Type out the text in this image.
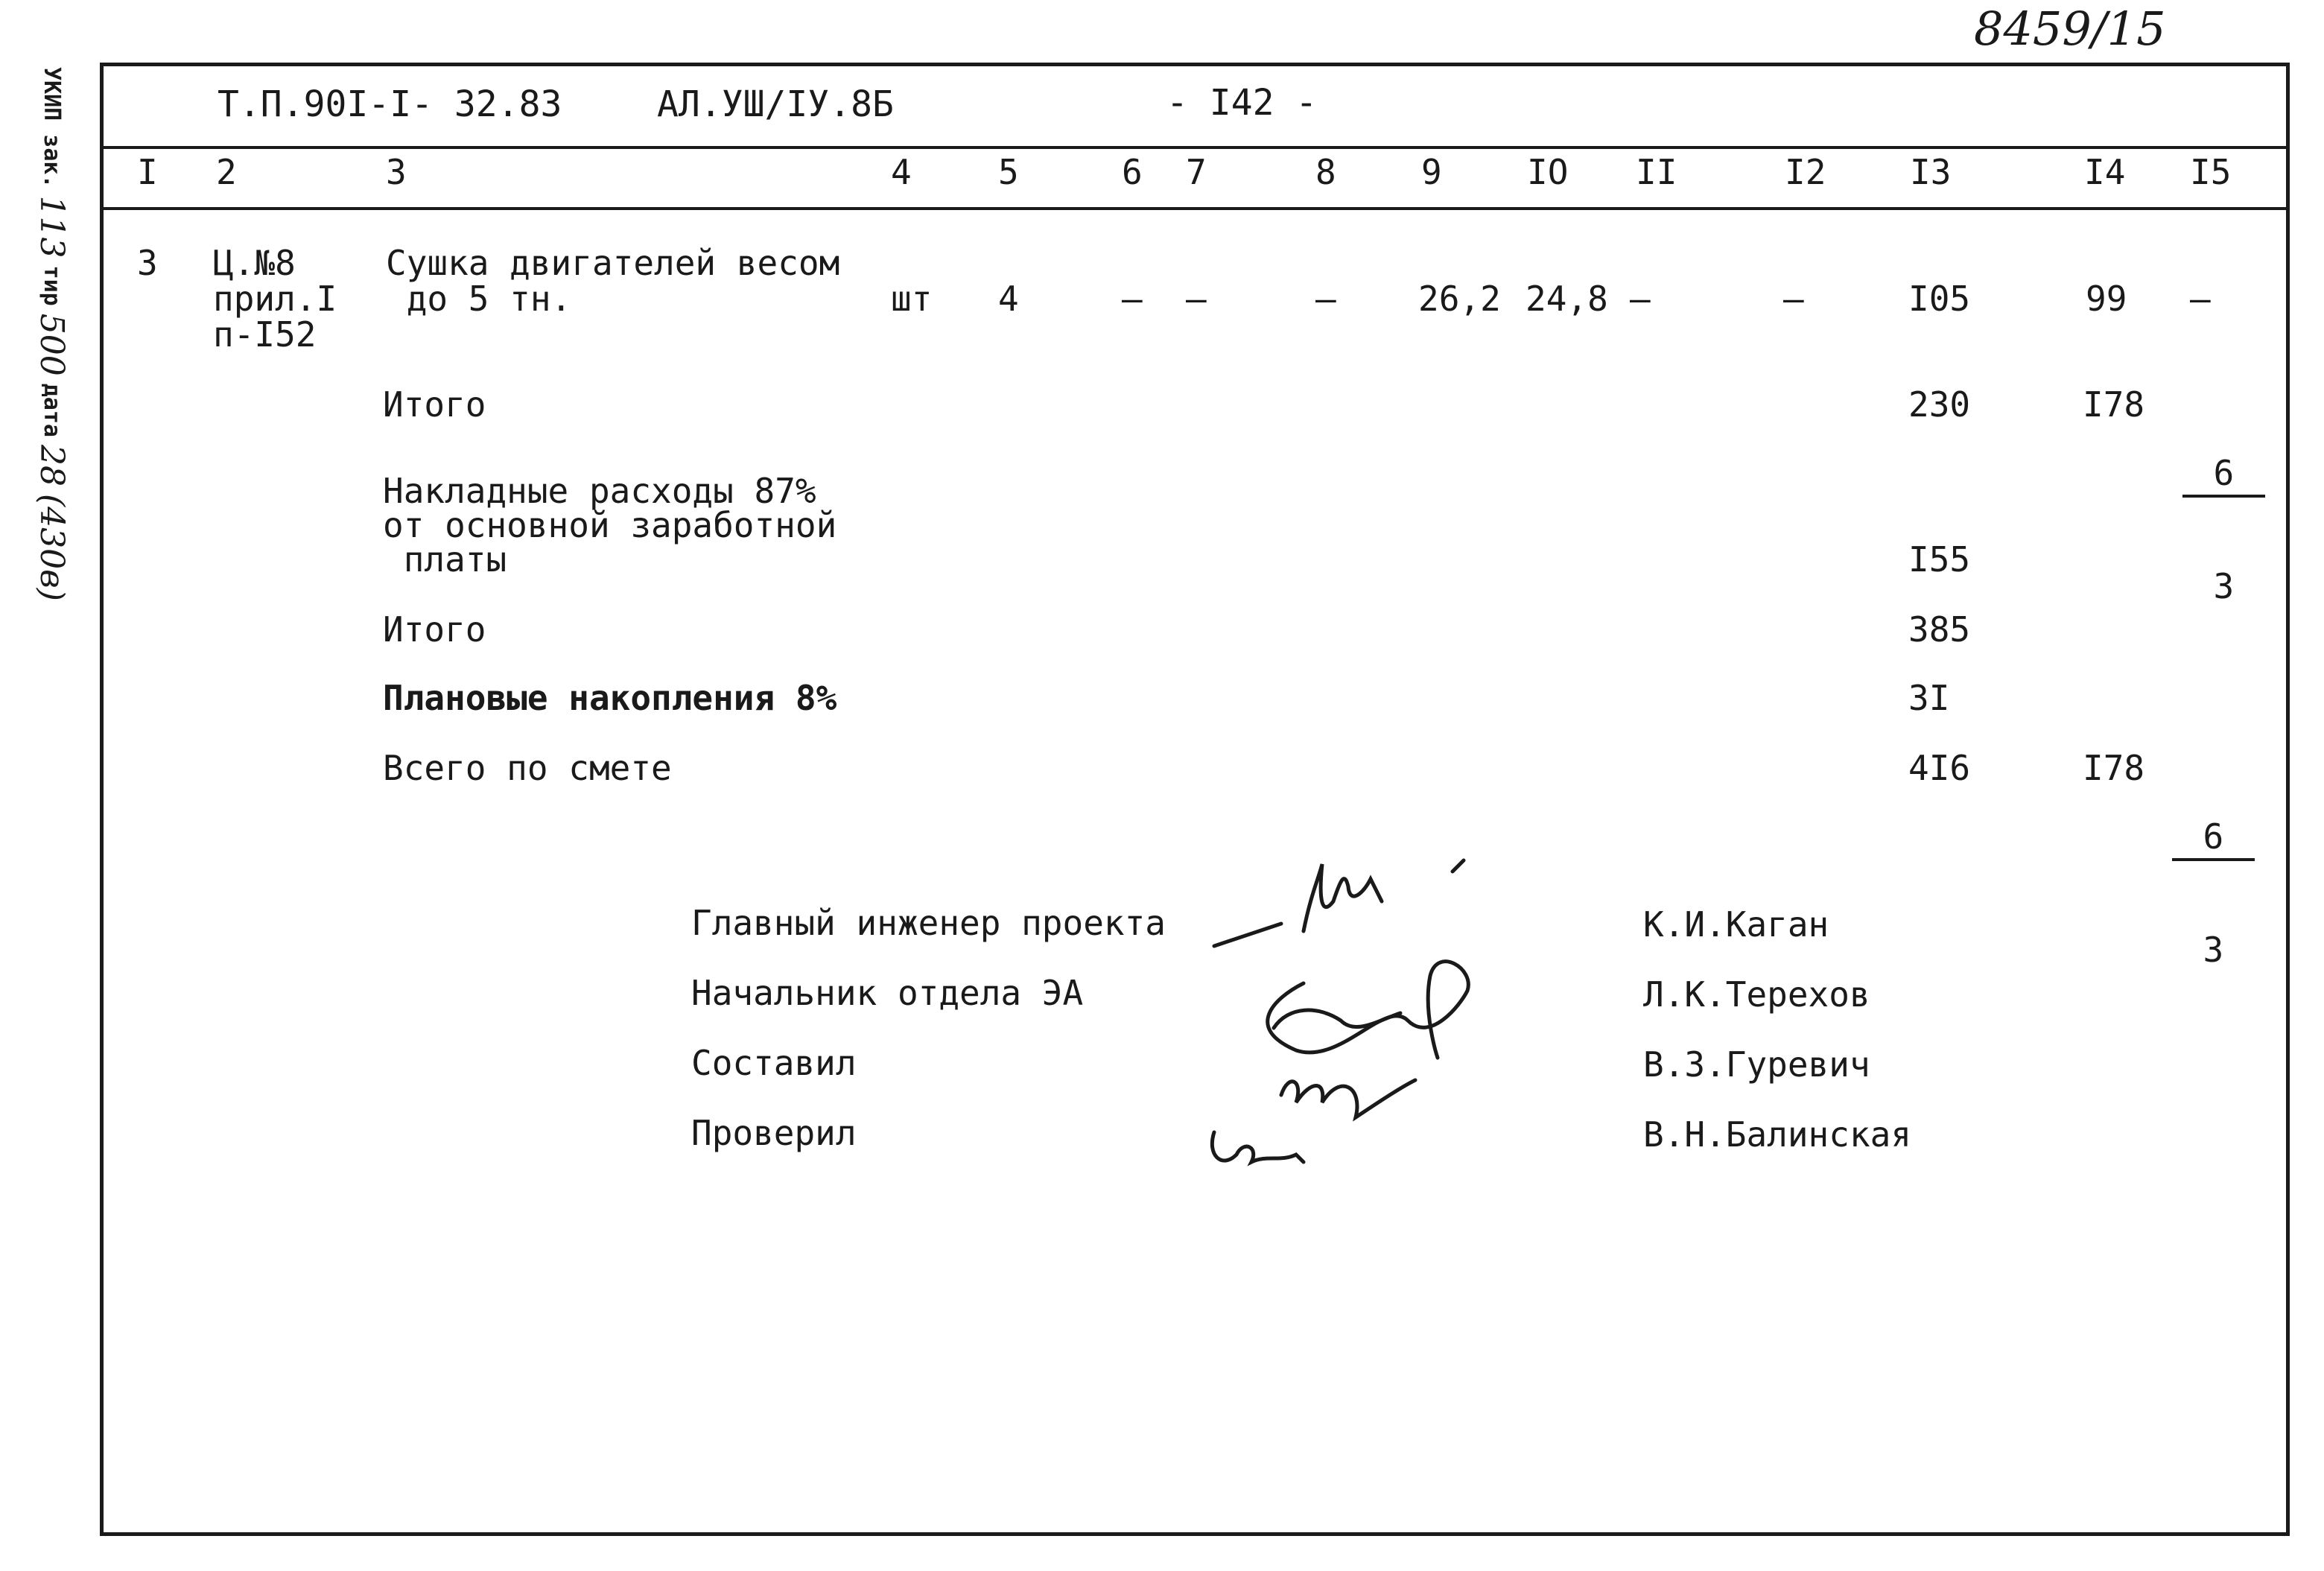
8459/15
УКИП зак.
113
тир
500
дата
28
(430в)
Т.П.90I-I- 32.83	АЛ.УШ/IУ.8Б	- I42 -
I 2	3	4	5	6 7	8 9 IO II	I2 I3	I4 I5
3 Ц.№8
прил.I
п-I52
Сушка двигателей весом
до 5 тн.	шт 4	– –	– 26,2 24,8 –	–	I05	99 –
Итого	230	I78

$\frac{6}{3}$

Накладные расходы 87%
от основной заработной
платы	I55
Итого	385
Плановые накопления 8%	3I
Всего по смете	4I6	I78

$\frac{6}{3}$

Главный инженер проекта	К.И.Каган
Начальник отдела ЭА	Л.К.Терехов
Составил	В.З.Гуревич
Проверил	В.Н.Балинская
